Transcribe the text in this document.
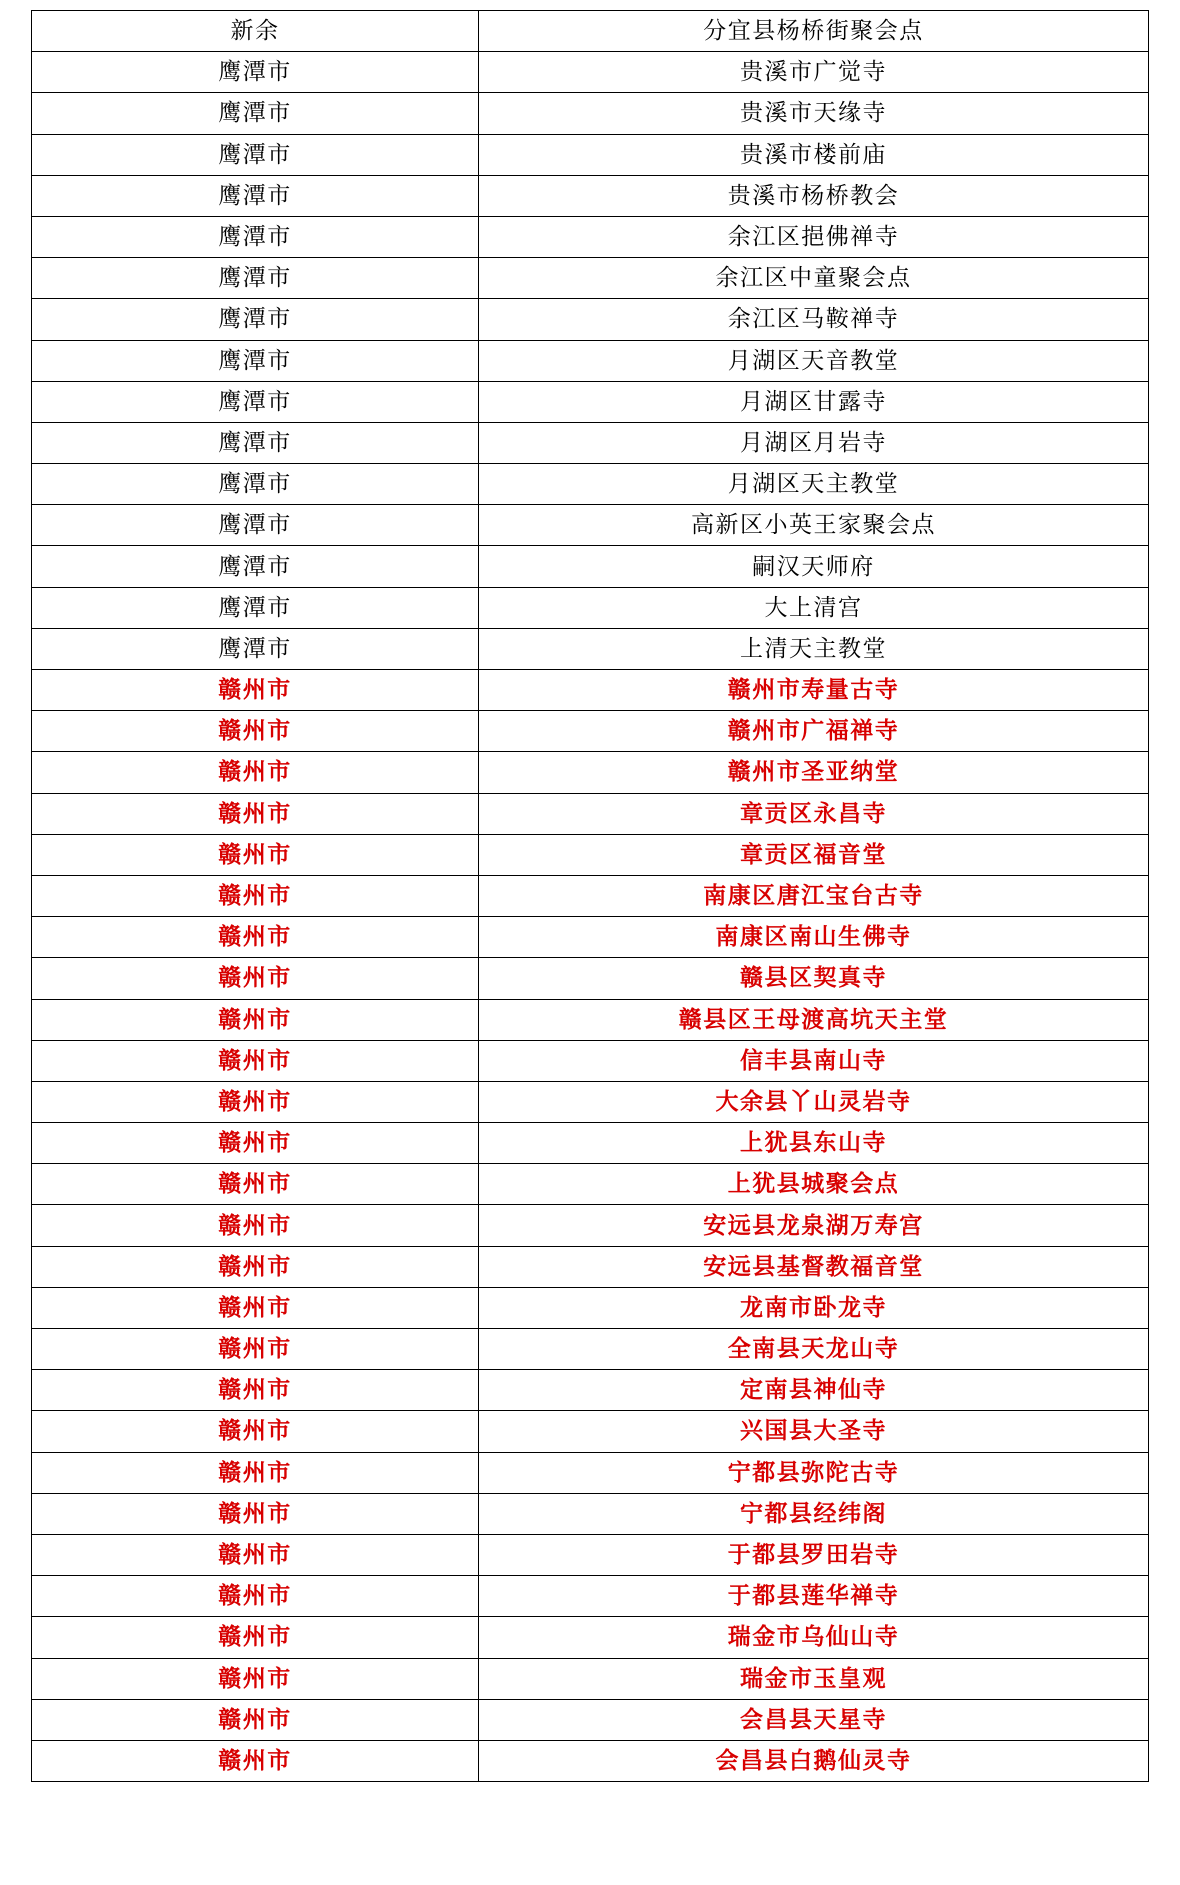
新余	分宜县杨桥街聚会点
鹰潭市	贵溪市广觉寺
鹰潭市	贵溪市天缘寺
鹰潭市	贵溪市楼前庙
鹰潭市	贵溪市杨桥教会
鹰潭市	余江区挹佛禅寺
鹰潭市	余江区中童聚会点
鹰潭市	余江区马鞍禅寺
鹰潭市	月湖区天音教堂
鹰潭市	月湖区甘露寺
鹰潭市	月湖区月岩寺
鹰潭市	月湖区天主教堂
鹰潭市	高新区小英王家聚会点
鹰潭市	嗣汉天师府
鹰潭市	大上清宫
鹰潭市	上清天主教堂
赣州市	赣州市寿量古寺
赣州市	赣州市广福禅寺
赣州市	赣州市圣亚纳堂
赣州市	章贡区永昌寺
赣州市	章贡区福音堂
赣州市	南康区唐江宝台古寺
赣州市	南康区南山生佛寺
赣州市	赣县区契真寺
赣州市	赣县区王母渡高坑天主堂
赣州市	信丰县南山寺
赣州市	大余县丫山灵岩寺
赣州市	上犹县东山寺
赣州市	上犹县城聚会点
赣州市	安远县龙泉湖万寿宫
赣州市	安远县基督教福音堂
赣州市	龙南市卧龙寺
赣州市	全南县天龙山寺
赣州市	定南县神仙寺
赣州市	兴国县大圣寺
赣州市	宁都县弥陀古寺
赣州市	宁都县经纬阁
赣州市	于都县罗田岩寺
赣州市	于都县莲华禅寺
赣州市	瑞金市乌仙山寺
赣州市	瑞金市玉皇观
赣州市	会昌县天星寺
赣州市	会昌县白鹅仙灵寺
